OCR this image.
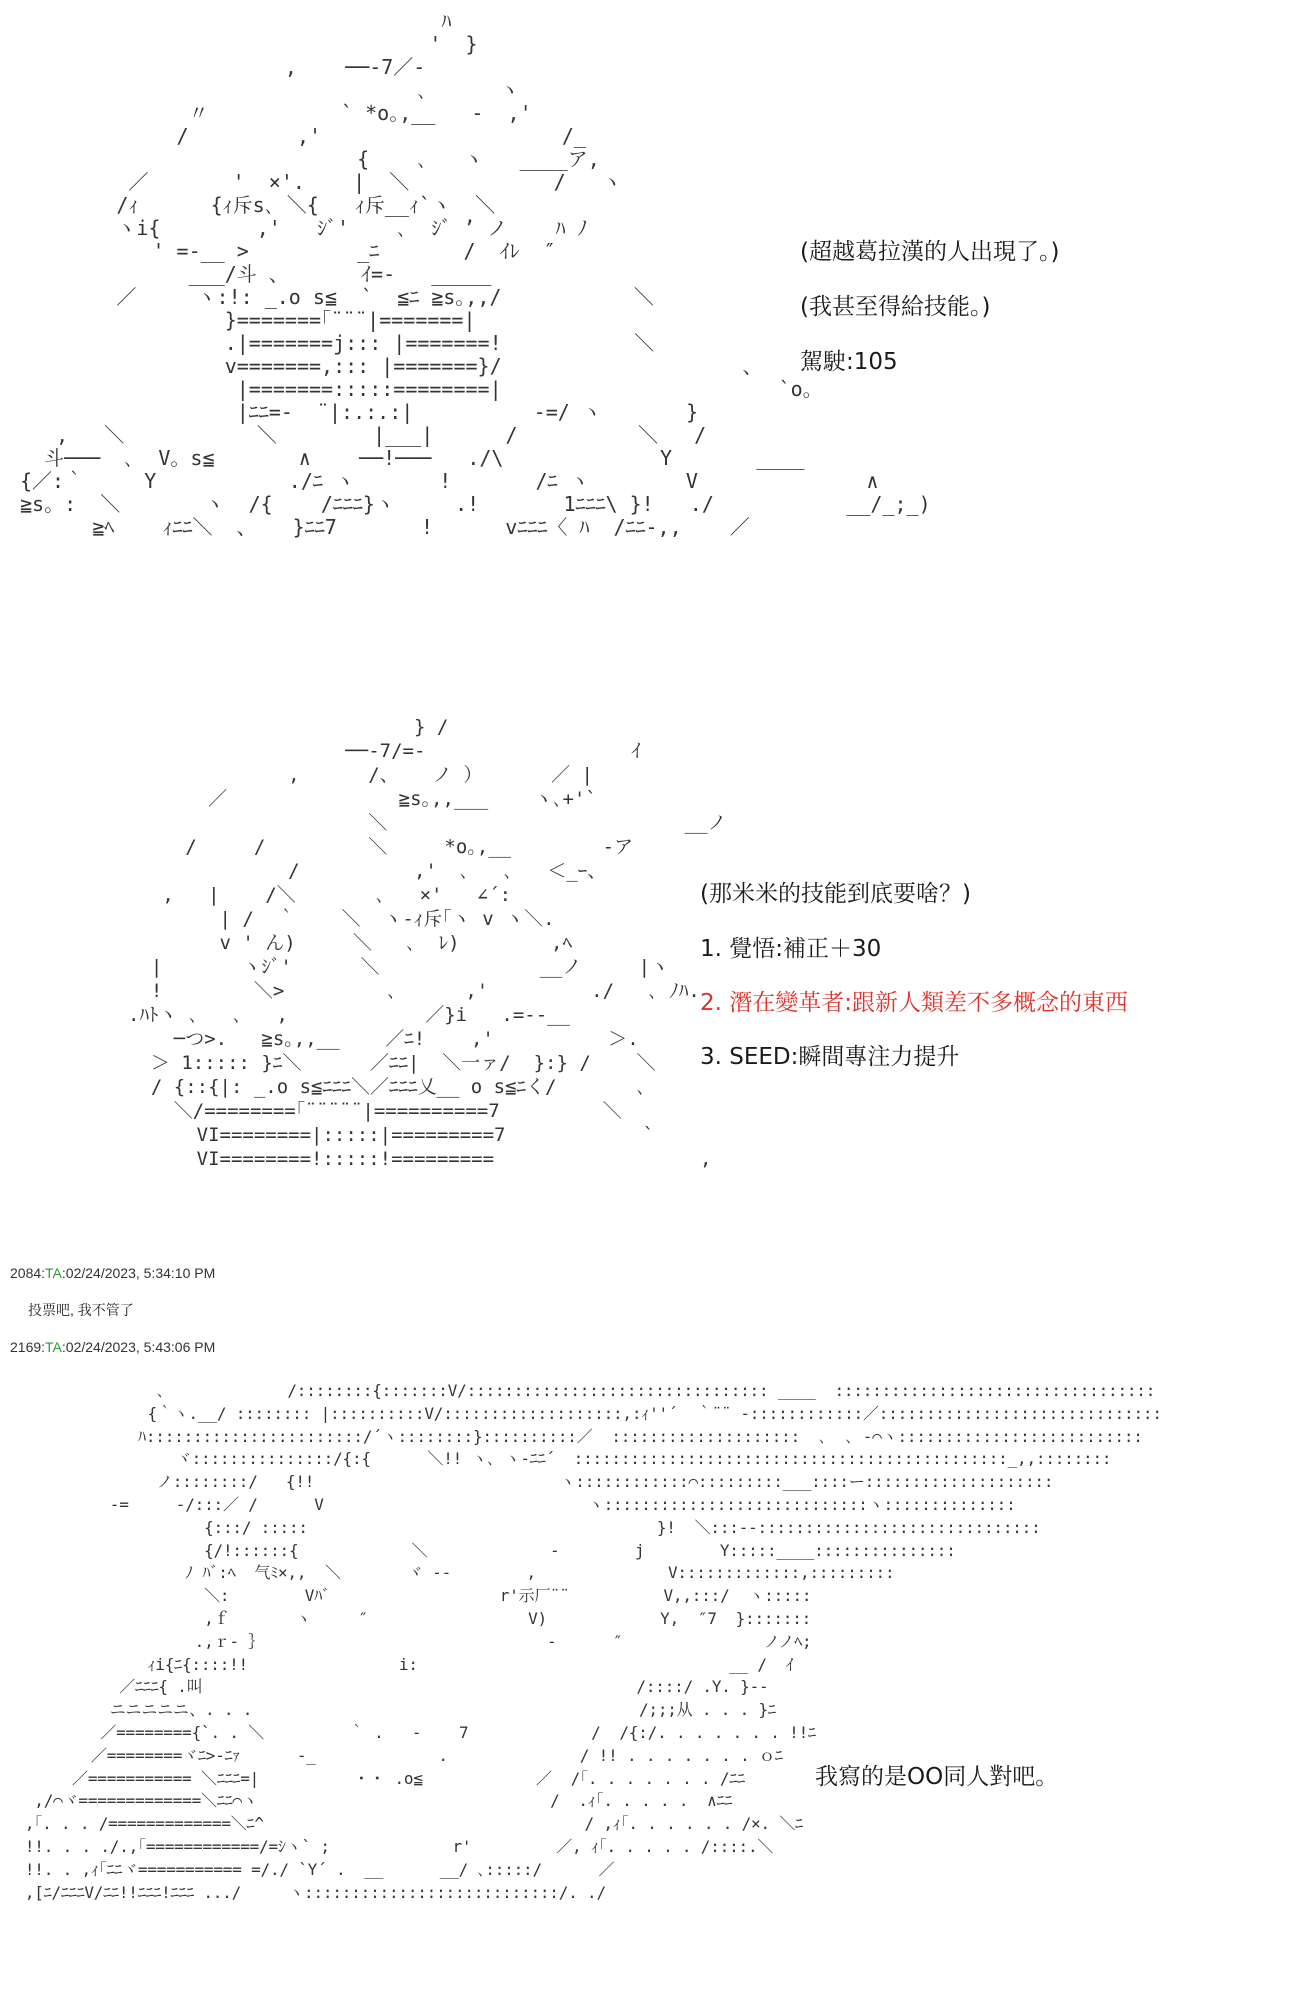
ﾊ
'  }
,    ──-7／-
､      ヽ
〃           ` *o｡,__   -  ,'
/         ,'                    /_
{    ､   ヽ   ____ア,
／       '  ×'.    |  ＼            /   ヽ
/ｨ      {ｨ斥s､ ＼{   ｨ斥__ｨ`ヽ  ＼
ヽi{        ,'   ｼﾞ'    ､  ｼﾞ ’ ノ    ﾊ ﾉ
' =-__ >         _ﾆ       /  ｲﾚ  ″
___/斗 、      ｲ=-   _____
／     ヽ:!: _.o s≦  `  ≦ﾆ ≧s｡,,/           ＼
}=======｢¨¨¨|=======|
.|=======j::: |=======!           ＼
v=======,::: |=======}/                    、
|=======:::::========|                       `o。
|ﾆﾆ=-  ¨|:.:.:|          -=/ ヽ       }
,   ＼           ＼        |___|      /          ＼   /
斗───  ､  V。s≦       ∧    ──!───   ./\             Y       ____
{／:｀     Y           ./ﾆ ヽ       !       /ﾆ ヽ        V              ∧
≧s。:  ＼       ヽ  /{    /ﾆﾆﾆ}ヽ     .!       1ﾆﾆﾆ\ }!   ./           __/_;_)
≧ﾍ    ｨﾆﾆ＼  、   }ﾆﾆ7       !      vﾆﾆﾆ〈 ﾊ  /ﾆﾆ-,,    ／
(超越葛拉漢的人出現了。)
(我甚至得給技能。)
駕駛:105
} /
──-7/=-                  ｲ
,      /、   ノ ）      ／ |
／               ≧s｡,,___    ヽ､+'`
＼                          __ノ
/     /         ＼     *o｡,__        -ア
/          ,'  ､   ､   ＜_ｰ、
,   |    /＼       ､   ×'   ∠´:
| /  ｀    ＼  ヽ-ｨ斥｢ヽ v ヽ＼.
v ' ん)     ＼   ､  ﾚ)        ,ﾍ
|       ヽｼﾞ'      ＼              __ノ     |ヽ
!        ＼>         ､      ,'         ./   ､ ﾉﾊ.
.ﾊﾄヽ ､   ､   ,            ／}i   .=--__
─つ>.   ≧s｡,,__    ／ﾆ!    ,'          ＞.
＞ 1::::: }ﾆ＼      ／ﾆﾆ|  ＼一ァ/  }:} /    ＼
/ {::{|: _.o s≦ﾆﾆﾆ＼／ﾆﾆﾆ乂__ o s≦ﾆく/       ､
＼/========｢¨¨¨¨¨|==========7         ＼
VI========|:::::|=========7            `
VI========!:::::!=========                  ,
(那米米的技能到底要啥？)
1. 覺悟:補正＋30
2. 潛在變革者:跟新人類差不多概念的東西
3. SEED:瞬間專注力提升
2084:TA:02/24/2023, 5:34:10 PM
投票吧, 我不管了
2169:TA:02/24/2023, 5:43:06 PM
､             /::::::::{:::::::V/:::::::::::::::::::::::::::::::: ____  ::::::::::::::::::::::::::::::::::
{｀ヽ.__/ :::::::: |::::::::::V/:::::::::::::::::::,:ｨ''´  ｀¨¨ ‐::::::::::::／::::::::::::::::::::::::::::::
ﾊ:::::::::::::::::::::::/´ヽ::::::::}::::::::::／  ::::::::::::::::::::  ､  ､ ‐⌒ヽ::::::::::::::::::::::::::
ヾ:::::::::::::::/{:{      ＼!! ヽ､ ヽ-ﾆﾆ´  ::::::::::::::::::::::::::::::::::::::::::::::_,,::::::::
ノ::::::::/   {!!                          ヽ::::::::::::⌒:::::::::___::::ー::::::::::::::::::::
-=     ‐/:::／ /      V                            ヽ::::::::::::::::::::::::::::ヽ::::::::::::::
{:::/ :::::                                     }!  ＼:::--::::::::::::::::::::::::::::::
{/!::::::{            ＼             ‐        j        Y:::::____:::::::::::::::
ﾉ ﾊﾞ:ﾍ  气ﾐ×,,  ＼       ヾ ‐-        ,              V:::::::::::::,:::::::::
＼:        Vﾊﾞ                  r'示厂¨¨          V,,:::/  ヽ:::::
,ｆ       ヽ     ″                 V)            Y,  ″7  }:::::::
.,ｒ‐ ｝                              -      ″               ノノﾍ;
ｨi{ﾆ{::::!!                i:                                 __ /  ｲ
／ﾆﾆﾆ{ .叫                                              /::::/ .Y. }--
ニニニニニ、. . .                                         /;;;从 . . . }ﾆ
／========{`. . ＼         ｀ .   -    7             /  /{:/. . . . . . . !!ﾆ
／========ヾﾆ>-ﾆｧ      ‐_             .              / !! . . . . . . . ｏﾆ
／=========== ＼ﾆﾆﾆ=|          ・・ .o≦            ／  /｢. . . . . . . /ﾆﾆ
,/⌒ヾ=============＼ﾆﾆ⌒ヽ                               /  .ｨ｢. . . . .  ∧ﾆﾆ
,｢. . . /=============＼ﾆ^                                  / ,ｨ｢. . . . . . /×. ＼ﾆ
!!. . . ./.,｢============/=ｼヽ` ;             r'         ／, ｨ｢. . . . . /::::.＼
!!. . ,ｨ｢ﾆﾆヾ=========== =/./ `Y´ .  __      __/ ､:::::/      ／
,[ﾆ/ﾆﾆﾆV/ﾆﾆ!!ﾆﾆﾆ!ﾆﾆﾆ .../     ヽ:::::::::::::::::::::::::::/. ./
我寫的是OO同人對吧。
